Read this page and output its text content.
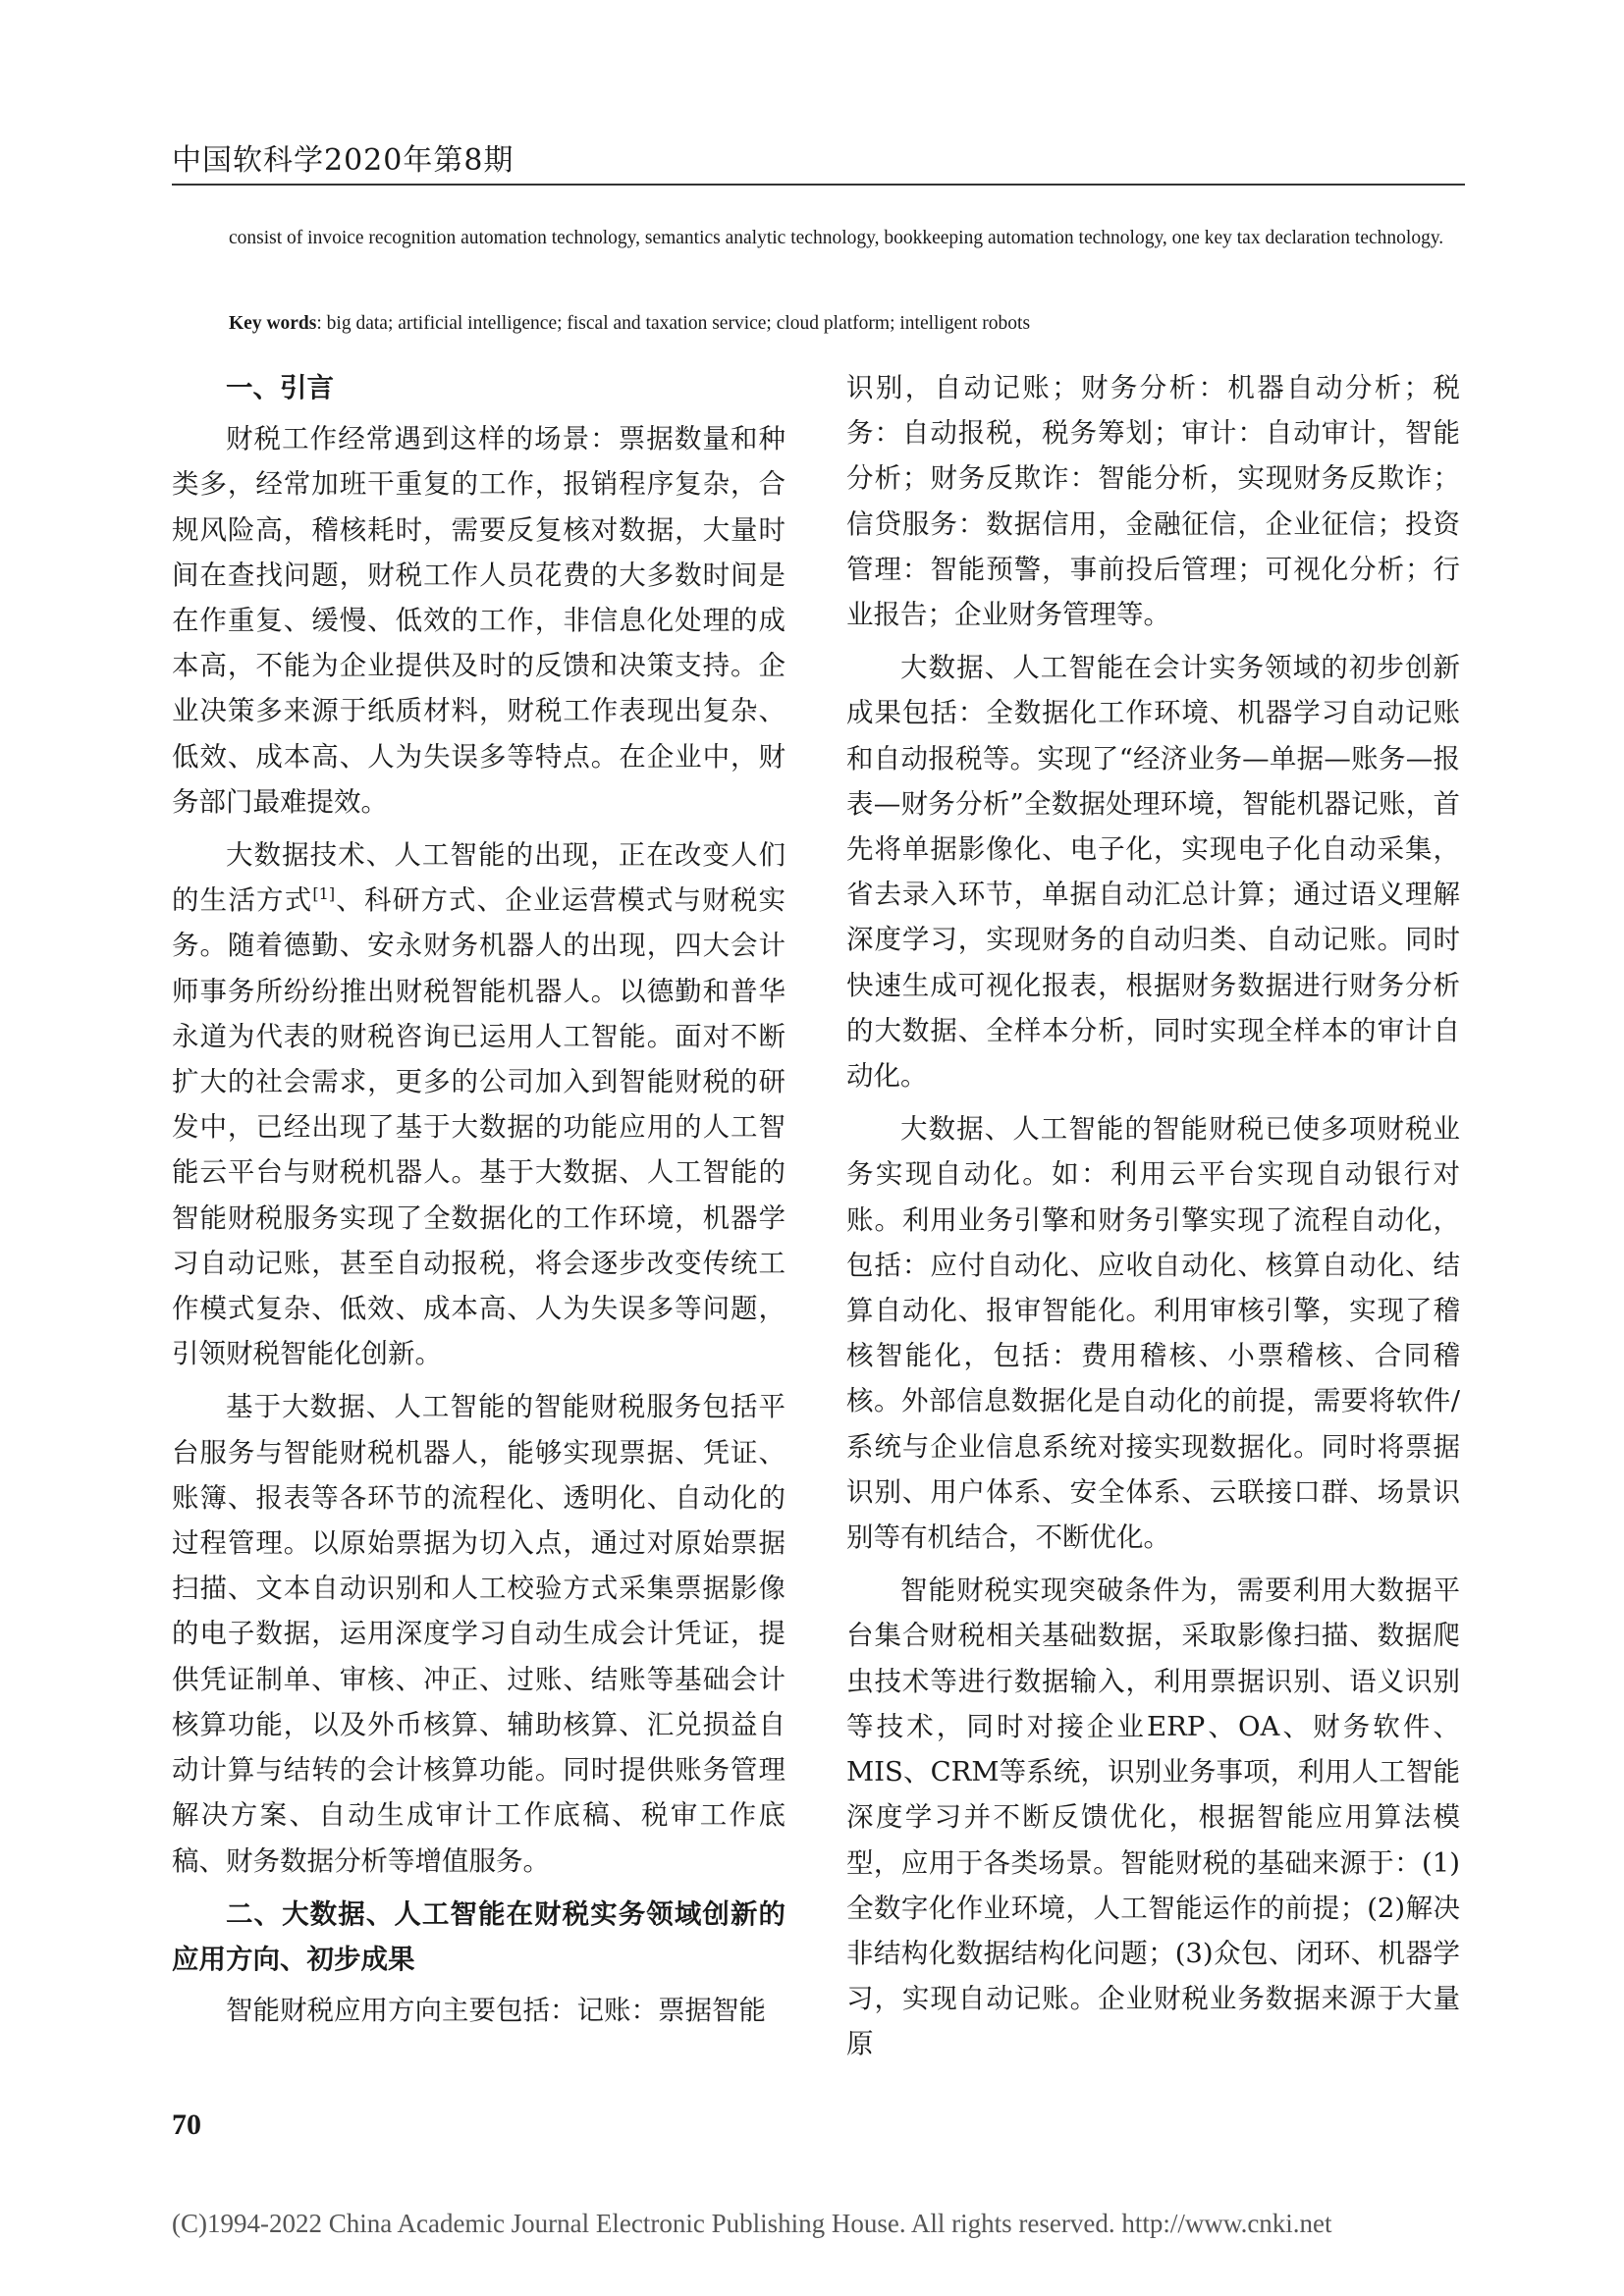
中国软科学2020年第8期

consist of invoice recognition automation technology, semantics analytic technology, bookkeeping automation technology, one key tax declaration technology.

Key words: big data; artificial intelligence; fiscal and taxation service; cloud platform; intelligent robots
一、引言

财税工作经常遇到这样的场景：票据数量和种类多，经常加班干重复的工作，报销程序复杂，合规风险高，稽核耗时，需要反复核对数据，大量时间在查找问题，财税工作人员花费的大多数时间是在作重复、缓慢、低效的工作，非信息化处理的成本高，不能为企业提供及时的反馈和决策支持。企业决策多来源于纸质材料，财税工作表现出复杂、低效、成本高、人为失误多等特点。在企业中，财务部门最难提效。

大数据技术、人工智能的出现，正在改变人们的生活方式[1]、科研方式、企业运营模式与财税实务。随着德勤、安永财务机器人的出现，四大会计师事务所纷纷推出财税智能机器人。以德勤和普华永道为代表的财税咨询已运用人工智能。面对不断扩大的社会需求，更多的公司加入到智能财税的研发中，已经出现了基于大数据的功能应用的人工智能云平台与财税机器人。基于大数据、人工智能的智能财税服务实现了全数据化的工作环境，机器学习自动记账，甚至自动报税，将会逐步改变传统工作模式复杂、低效、成本高、人为失误多等问题，引领财税智能化创新。

基于大数据、人工智能的智能财税服务包括平台服务与智能财税机器人，能够实现票据、凭证、账簿、报表等各环节的流程化、透明化、自动化的过程管理。以原始票据为切入点，通过对原始票据扫描、文本自动识别和人工校验方式采集票据影像的电子数据，运用深度学习自动生成会计凭证，提供凭证制单、审核、冲正、过账、结账等基础会计核算功能，以及外币核算、辅助核算、汇兑损益自动计算与结转的会计核算功能。同时提供账务管理解决方案、自动生成审计工作底稿、税审工作底稿、财务数据分析等增值服务。

二、大数据、人工智能在财税实务领域创新的应用方向、初步成果

智能财税应用方向主要包括：记账：票据智能

识别，自动记账；财务分析：机器自动分析；税务：自动报税，税务筹划；审计：自动审计，智能分析；财务反欺诈：智能分析，实现财务反欺诈；信贷服务：数据信用，金融征信，企业征信；投资管理：智能预警，事前投后管理；可视化分析；行业报告；企业财务管理等。

大数据、人工智能在会计实务领域的初步创新成果包括：全数据化工作环境、机器学习自动记账和自动报税等。实现了“经济业务—单据—账务—报表—财务分析”全数据处理环境，智能机器记账，首先将单据影像化、电子化，实现电子化自动采集，省去录入环节，单据自动汇总计算；通过语义理解深度学习，实现财务的自动归类、自动记账。同时快速生成可视化报表，根据财务数据进行财务分析的大数据、全样本分析，同时实现全样本的审计自动化。

大数据、人工智能的智能财税已使多项财税业务实现自动化。如：利用云平台实现自动银行对账。利用业务引擎和财务引擎实现了流程自动化，包括：应付自动化、应收自动化、核算自动化、结算自动化、报审智能化。利用审核引擎，实现了稽核智能化，包括：费用稽核、小票稽核、合同稽核。外部信息数据化是自动化的前提，需要将软件/系统与企业信息系统对接实现数据化。同时将票据识别、用户体系、安全体系、云联接口群、场景识别等有机结合，不断优化。

智能财税实现突破条件为，需要利用大数据平台集合财税相关基础数据，采取影像扫描、数据爬虫技术等进行数据输入，利用票据识别、语义识别等技术，同时对接企业ERP、OA、财务软件、MIS、CRM等系统，识别业务事项，利用人工智能深度学习并不断反馈优化，根据智能应用算法模型，应用于各类场景。智能财税的基础来源于：(1)全数字化作业环境，人工智能运作的前提；(2)解决非结构化数据结构化问题；(3)众包、闭环、机器学习，实现自动记账。企业财税业务数据来源于大量原

70
(C)1994-2022 China Academic Journal Electronic Publishing House. All rights reserved. http://www.cnki.net
